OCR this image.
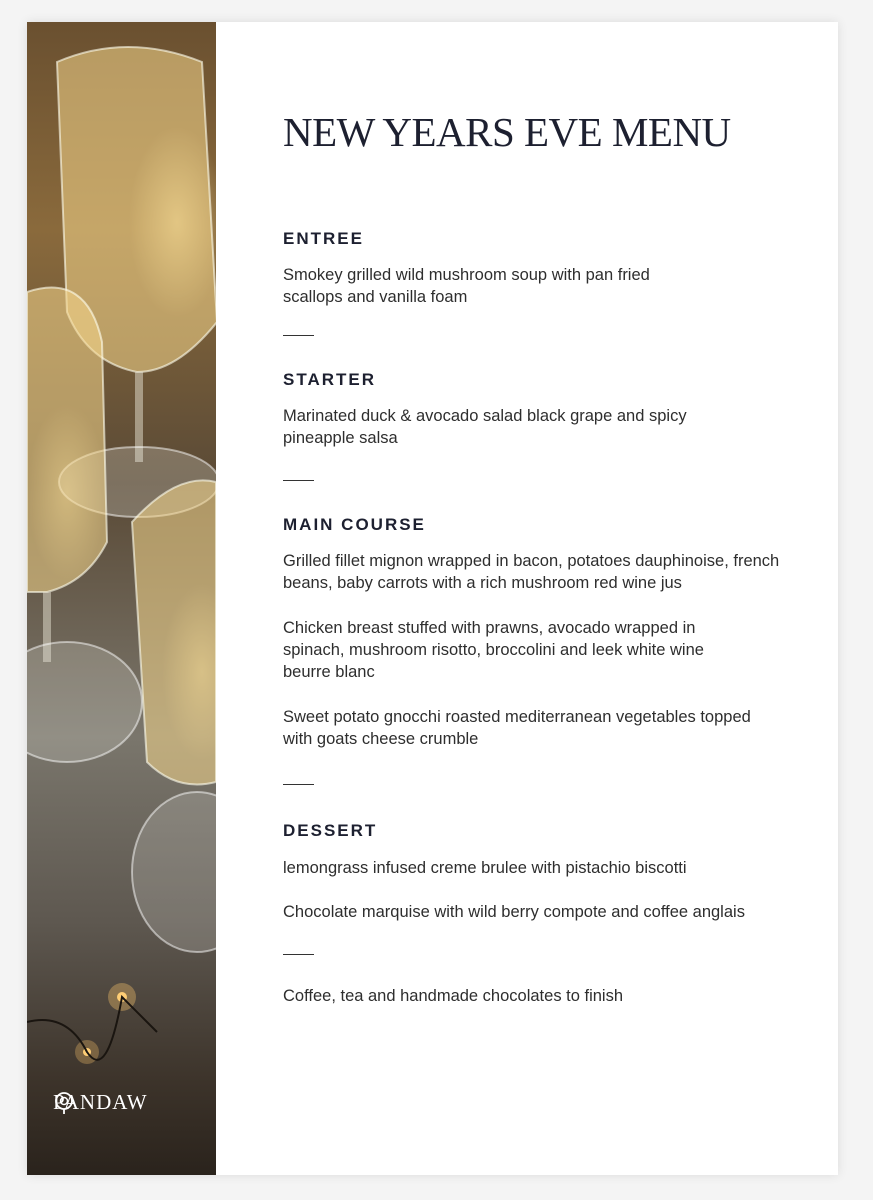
PANDAW
NEW YEARS EVE MENU
ENTREE

Smokey grilled wild mushroom soup with pan fried scallops and vanilla foam

STARTER

Marinated duck & avocado salad black grape and spicy pineapple salsa

MAIN COURSE

Grilled fillet mignon wrapped in bacon, potatoes dauphinoise, french beans, baby carrots with a rich mushroom red wine jus

Chicken breast stuffed with prawns, avocado wrapped in spinach, mushroom risotto, broccolini and leek white wine beurre blanc

Sweet potato gnocchi roasted mediterranean vegetables topped with goats cheese crumble

DESSERT

lemongrass infused creme brulee with pistachio biscotti

Chocolate marquise with wild berry compote and coffee anglais

Coffee, tea and handmade chocolates to finish
